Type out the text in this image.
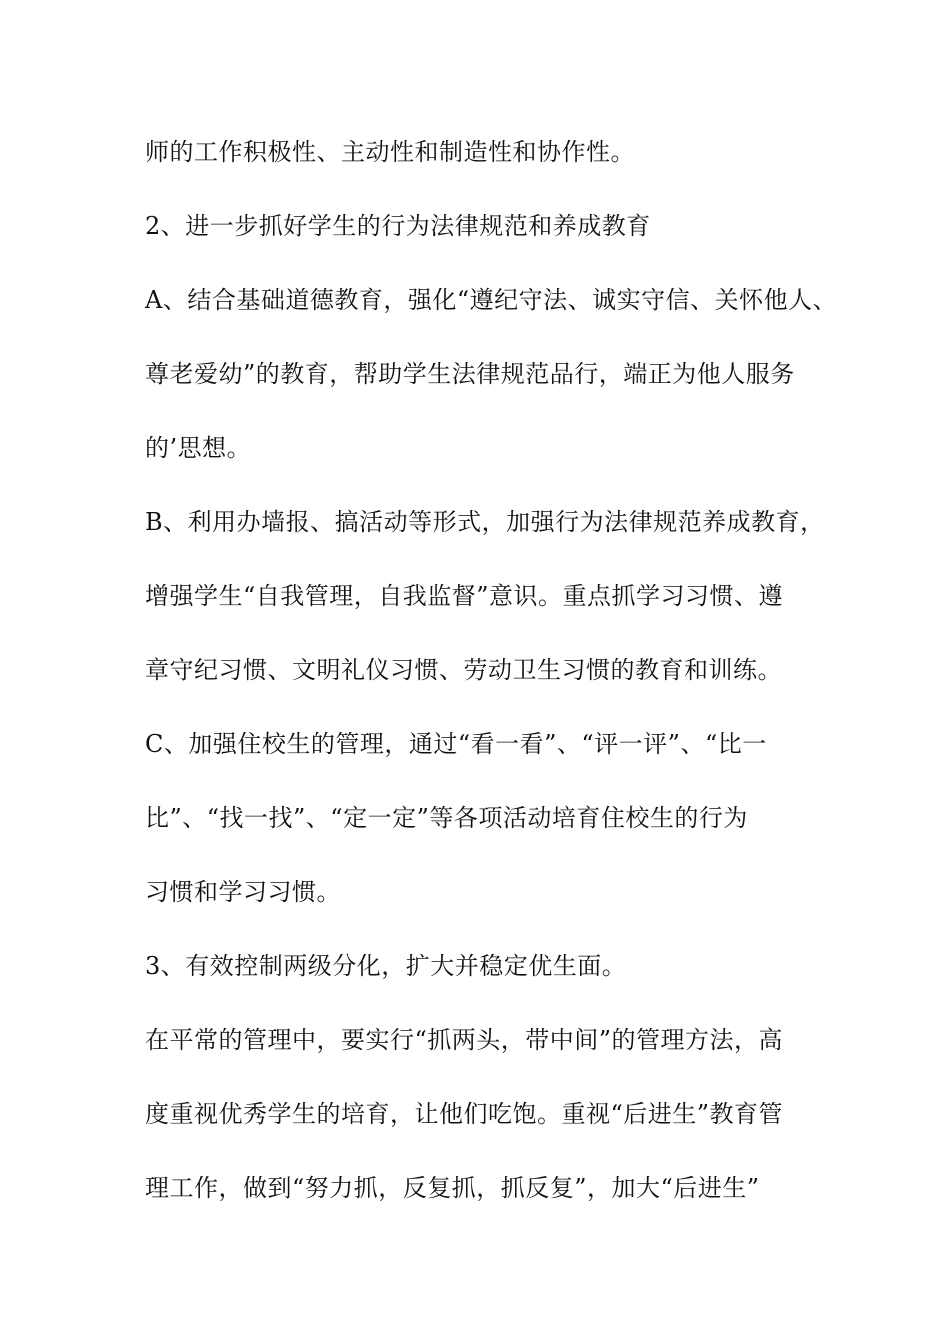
师的工作积极性、主动性和制造性和协作性。
2、进一步抓好学生的行为法律规范和养成教育
A、结合基础道德教育，强化“遵纪守法、诚实守信、关怀他人、
尊老爱幼”的教育，帮助学生法律规范品行，端正为他人服务
的’思想。
B、利用办墙报、搞活动等形式，加强行为法律规范养成教育，
增强学生“自我管理，自我监督”意识。重点抓学习习惯、遵
章守纪习惯、文明礼仪习惯、劳动卫生习惯的教育和训练。
C、加强住校生的管理，通过“看一看”、“评一评”、“比一
比”、“找一找”、“定一定”等各项活动培育住校生的行为
习惯和学习习惯。
3、有效控制两级分化，扩大并稳定优生面。
在平常的管理中，要实行“抓两头，带中间”的管理方法，高
度重视优秀学生的培育，让他们吃饱。重视“后进生”教育管
理工作，做到“努力抓，反复抓，抓反复”，加大“后进生”
